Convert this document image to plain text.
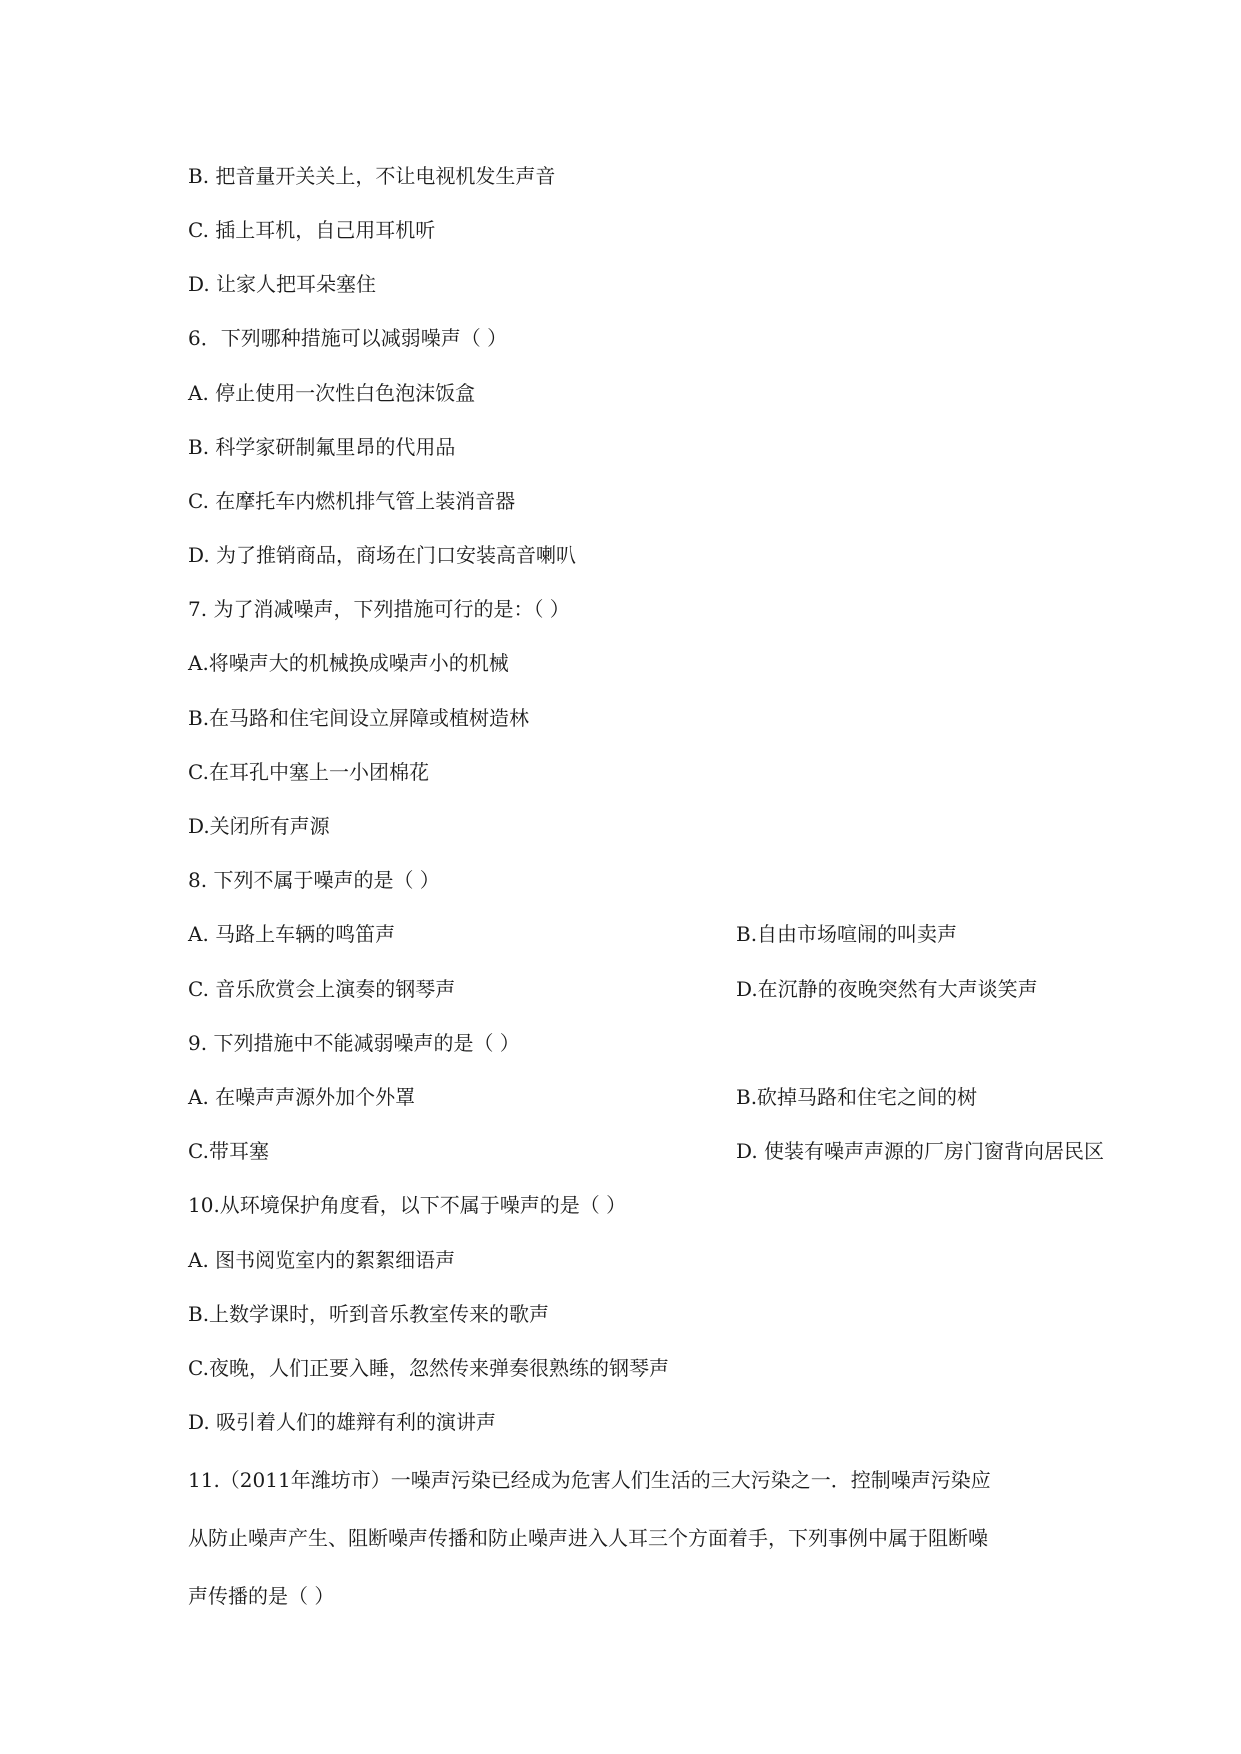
B. 把音量开关关上，不让电视机发生声音
C. 插上耳机，自己用耳机听
D. 让家人把耳朵塞住
6．下列哪种措施可以减弱噪声（ ）
A. 停止使用一次性白色泡沫饭盒
B. 科学家研制氟里昂的代用品
C. 在摩托车内燃机排气管上装消音器
D. 为了推销商品，商场在门口安装高音喇叭
7. 为了消减噪声，下列措施可行的是：（ ）
A.将噪声大的机械换成噪声小的机械
B.在马路和住宅间设立屏障或植树造林
C.在耳孔中塞上一小团棉花
D.关闭所有声源
8. 下列不属于噪声的是（ ）
A. 马路上车辆的鸣笛声	B.自由市场喧闹的叫卖声
C. 音乐欣赏会上演奏的钢琴声	D.在沉静的夜晚突然有大声谈笑声
9. 下列措施中不能减弱噪声的是（ ）
A. 在噪声声源外加个外罩	B.砍掉马路和住宅之间的树
C.带耳塞	D. 使装有噪声声源的厂房门窗背向居民区
10.从环境保护角度看，以下不属于噪声的是（ ）
A. 图书阅览室内的絮絮细语声
B.上数学课时，听到音乐教室传来的歌声
C.夜晚，人们正要入睡，忽然传来弹奏很熟练的钢琴声
D. 吸引着人们的雄辩有利的演讲声
11.（2011年潍坊市）一噪声污染已经成为危害人们生活的三大污染之一．控制噪声污染应
从防止噪声产生、阻断噪声传播和防止噪声进入人耳三个方面着手，下列事例中属于阻断噪
声传播的是（ ）
